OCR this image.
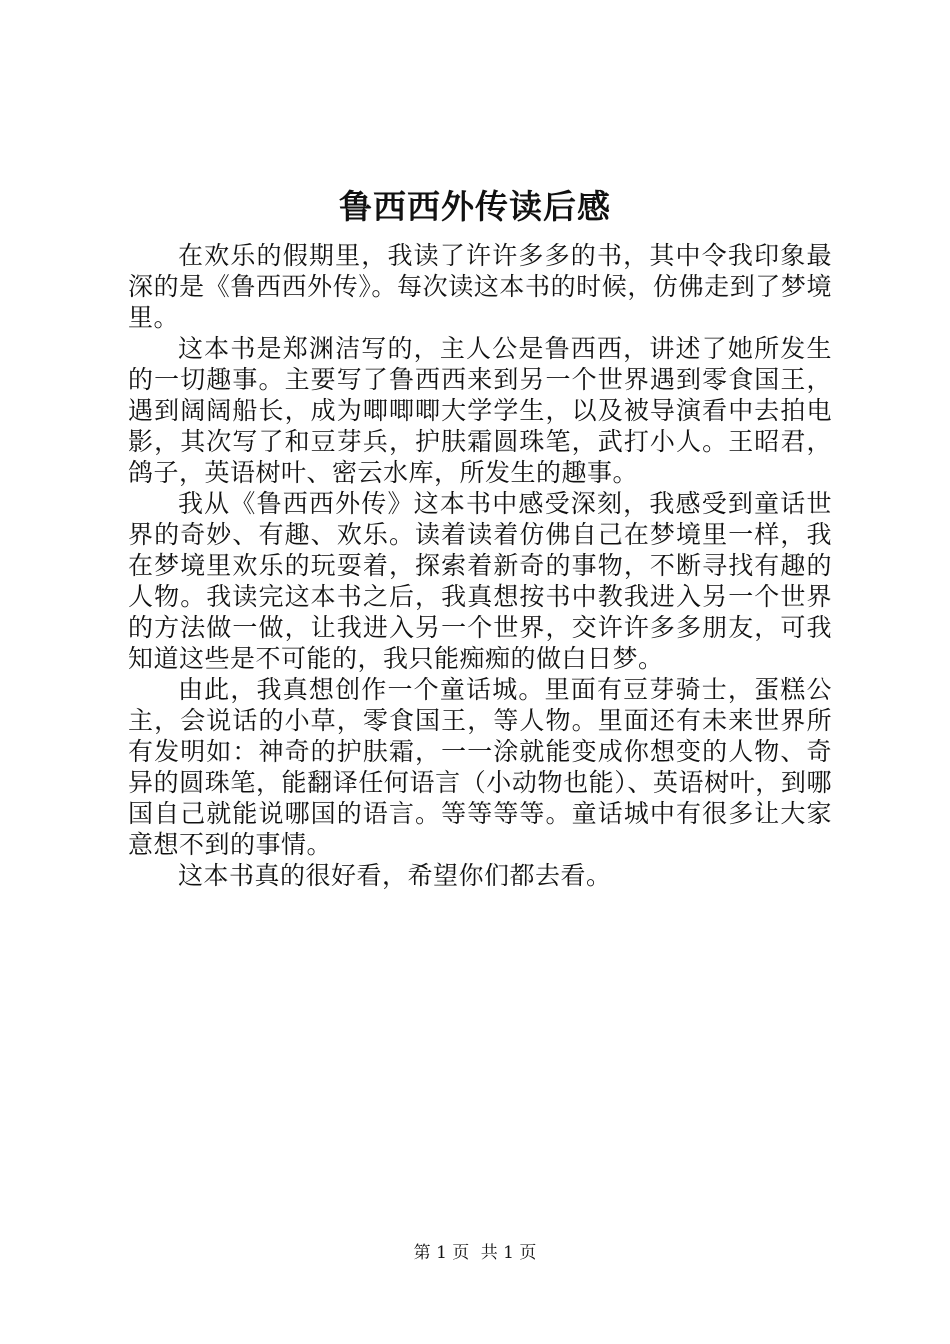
鲁西西外传读后感

在欢乐的假期里，我读了许许多多的书，其中令我印象最深的是《鲁西西外传》。每次读这本书的时候，仿佛走到了梦境里。

这本书是郑渊洁写的，主人公是鲁西西，讲述了她所发生的一切趣事。主要写了鲁西西来到另一个世界遇到零食国王，遇到阔阔船长，成为唧唧唧大学学生，以及被导演看中去拍电影，其次写了和豆芽兵，护肤霜圆珠笔，武打小人。王昭君，鸽子，英语树叶、密云水库，所发生的趣事。

我从《鲁西西外传》这本书中感受深刻，我感受到童话世界的奇妙、有趣、欢乐。读着读着仿佛自己在梦境里一样，我在梦境里欢乐的玩耍着，探索着新奇的事物，不断寻找有趣的人物。我读完这本书之后，我真想按书中教我进入另一个世界的方法做一做，让我进入另一个世界，交许许多多朋友，可我知道这些是不可能的，我只能痴痴的做白日梦。

由此，我真想创作一个童话城。里面有豆芽骑士，蛋糕公主，会说话的小草，零食国王，等人物。里面还有未来世界所有发明如：神奇的护肤霜，一一涂就能变成你想变的人物、奇异的圆珠笔，能翻译任何语言（小动物也能）、英语树叶，到哪国自己就能说哪国的语言。等等等等。童话城中有很多让大家意想不到的事情。

这本书真的很好看，希望你们都去看。

第 1 页 共 1 页
